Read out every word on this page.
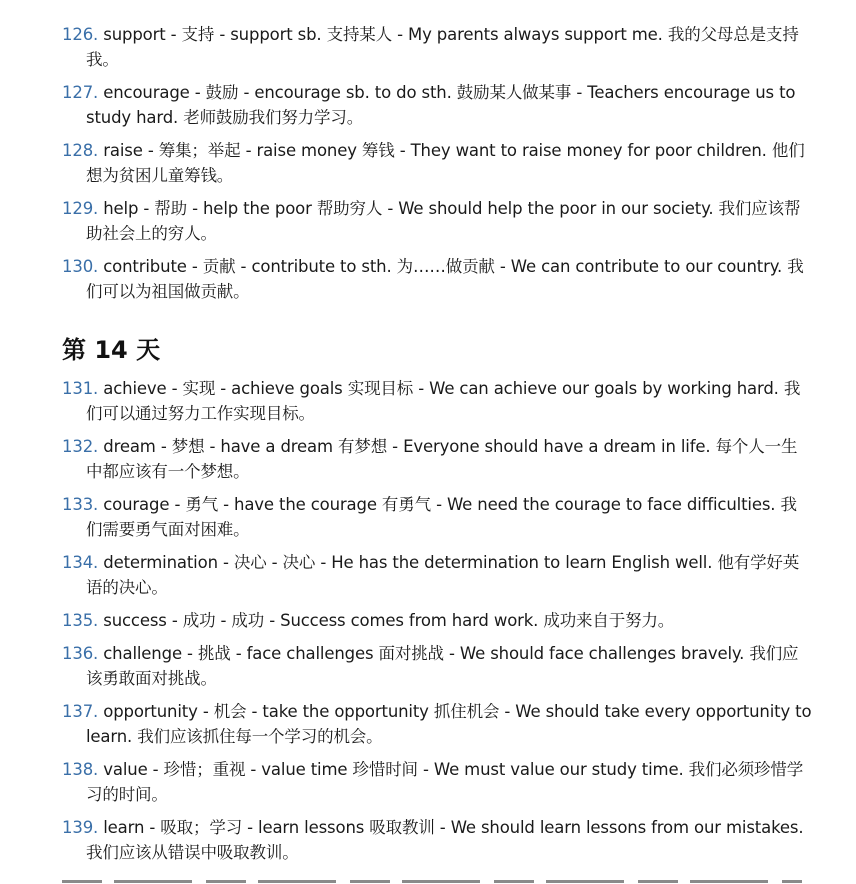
126. support - 支持 - support sb. 支持某人 - My parents always support me. 我的父母总是支持我。

127. encourage - 鼓励 - encourage sb. to do sth. 鼓励某人做某事 - Teachers encourage us to study hard. 老师鼓励我们努力学习。

128. raise - 筹集；举起 - raise money 筹钱 - They want to raise money for poor children. 他们想为贫困儿童筹钱。

129. help - 帮助 - help the poor 帮助穷人 - We should help the poor in our society. 我们应该帮助社会上的穷人。

130. contribute - 贡献 - contribute to sth. 为……做贡献 - We can contribute to our country. 我们可以为祖国做贡献。

第 14 天

131. achieve - 实现 - achieve goals 实现目标 - We can achieve our goals by working hard. 我们可以通过努力工作实现目标。

132. dream - 梦想 - have a dream 有梦想 - Everyone should have a dream in life. 每个人一生中都应该有一个梦想。

133. courage - 勇气 - have the courage 有勇气 - We need the courage to face difficulties. 我们需要勇气面对困难。

134. determination - 决心 - 决心 - He has the determination to learn English well. 他有学好英语的决心。

135. success - 成功 - 成功 - Success comes from hard work. 成功来自于努力。

136. challenge - 挑战 - face challenges 面对挑战 - We should face challenges bravely. 我们应该勇敢面对挑战。

137. opportunity - 机会 - take the opportunity 抓住机会 - We should take every opportunity to learn. 我们应该抓住每一个学习的机会。

138. value - 珍惜；重视 - value time 珍惜时间 - We must value our study time. 我们必须珍惜学习的时间。

139. learn - 吸取；学习 - learn lessons 吸取教训 - We should learn lessons from our mistakes. 我们应该从错误中吸取教训。
